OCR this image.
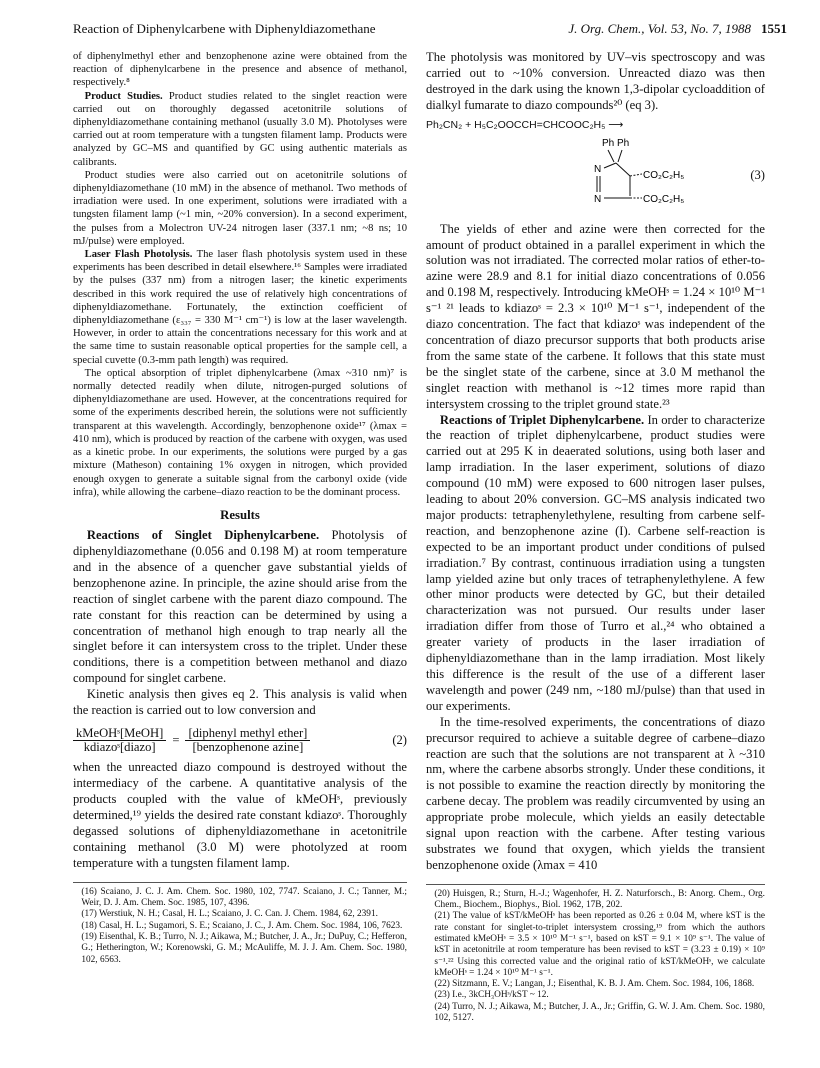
Reaction of Diphenylcarbene with Diphenyldiazomethane	J. Org. Chem., Vol. 53, No. 7, 1988 1551

of diphenylmethyl ether and benzophenone azine were obtained from the reaction of diphenylcarbene in the presence and absence of methanol, respectively.⁸

Product Studies. Product studies related to the singlet reaction were carried out on thoroughly degassed acetonitrile solutions of diphenyldiazomethane containing methanol (usually 3.0 M). Photolyses were carried out at room temperature with a tungsten filament lamp. Products were analyzed by GC–MS and quantified by GC using authentic materials as calibrants.

Product studies were also carried out on acetonitrile solutions of diphenyldiazomethane (10 mM) in the absence of methanol. Two methods of irradiation were used. In one experiment, solutions were irradiated with a tungsten filament lamp (~1 min, ~20% conversion). In a second experiment, the pulses from a Molectron UV-24 nitrogen laser (337.1 nm; ~8 ns; 10 mJ/pulse) were employed.

Laser Flash Photolysis. The laser flash photolysis system used in these experiments has been described in detail elsewhere.¹⁶ Samples were irradiated by the pulses (337 nm) from a nitrogen laser; the kinetic experiments described in this work required the use of relatively high concentrations of diphenyldiazomethane. Fortunately, the extinction coefficient of diphenyldiazomethane (ε₃₃₇ = 330 M⁻¹ cm⁻¹) is low at the laser wavelength. However, in order to attain the concentrations necessary for this work and at the same time to sustain reasonable optical properties for the sample cell, a special cuvette (0.3-mm path length) was required.

The optical absorption of triplet diphenylcarbene (λmax ~310 nm)⁷ is normally detected readily when dilute, nitrogen-purged solutions of diphenyldiazomethane are used. However, at the concentrations required for some of the experiments described herein, the solutions were not sufficiently transparent at this wavelength. Accordingly, benzophenone oxide¹⁷ (λmax = 410 nm), which is produced by reaction of the carbene with oxygen, was used as a kinetic probe. In our experiments, the solutions were purged by a gas mixture (Matheson) containing 1% oxygen in nitrogen, which provided enough oxygen to generate a suitable signal from the carbonyl oxide (vide infra), while allowing the carbene–diazo reaction to be the dominant process.

Results

Reactions of Singlet Diphenylcarbene. Photolysis of diphenyldiazomethane (0.056 and 0.198 M) at room temperature and in the absence of a quencher gave substantial yields of benzophenone azine. In principle, the azine should arise from the reaction of singlet carbene with the parent diazo compound. The rate constant for this reaction can be determined by using a concentration of methanol high enough to trap nearly all the singlet before it can intersystem cross to the triplet. Under these conditions, there is a competition between methanol and diazo compound for singlet carbene.

Kinetic analysis then gives eq 2. This analysis is valid when the reaction is carried out to low conversion and

$\frac{\text{kMeOHˢ[MeOH]}}{\text{kdiazoˢ[diazo]}} = \frac{\text{[diphenyl methyl ether]}}{\text{[benzophenone azine]}}$	(2)

when the unreacted diazo compound is destroyed without the intermediacy of the carbene. A quantitative analysis of the products coupled with the value of kMeOHˢ, previously determined,¹⁹ yields the desired rate constant kdiazoˢ. Thoroughly degassed solutions of diphenyldiazomethane in acetonitrile containing methanol (3.0 M) were photolyzed at room temperature with a tungsten filament lamp.

(16) Scaiano, J. C. J. Am. Chem. Soc. 1980, 102, 7747. Scaiano, J. C.; Tanner, M.; Weir, D. J. Am. Chem. Soc. 1985, 107, 4396.

(17) Werstiuk, N. H.; Casal, H. L.; Scaiano, J. C. Can. J. Chem. 1984, 62, 2391.

(18) Casal, H. L.; Sugamori, S. E.; Scaiano, J. C., J. Am. Chem. Soc. 1984, 106, 7623.

(19) Eisenthal, K. B.; Turro, N. J.; Aikawa, M.; Butcher, J. A., Jr.; DuPuy, C.; Hefferon, G.; Hetherington, W.; Korenowski, G. M.; McAuliffe, M. J. J. Am. Chem. Soc. 1980, 102, 6563.

The photolysis was monitored by UV–vis spectroscopy and was carried out to ~10% conversion. Unreacted diazo was then destroyed in the dark using the known 1,3-dipolar cycloaddition of dialkyl fumarate to diazo compounds²⁰ (eq 3).

Ph₂CN₂ + H₅C₂OOCCH=CHCOOC₂H₅ ⟶
Ph Ph
N
N
CO₂C₂H₅
CO₂C₂H₅
(3)

The yields of ether and azine were then corrected for the amount of product obtained in a parallel experiment in which the solution was not irradiated. The corrected molar ratios of ether-to-azine were 28.9 and 8.1 for initial diazo concentrations of 0.056 and 0.198 M, respectively. Introducing kMeOHˢ = 1.24 × 10¹⁰ M⁻¹ s⁻¹ ²¹ leads to kdiazoˢ = 2.3 × 10¹⁰ M⁻¹ s⁻¹, independent of the diazo concentration. The fact that kdiazoˢ was independent of the concentration of diazo precursor supports that both products arise from the same state of the carbene. It follows that this state must be the singlet state of the carbene, since at 3.0 M methanol the singlet reaction with methanol is ~12 times more rapid than intersystem crossing to the triplet ground state.²³

Reactions of Triplet Diphenylcarbene. In order to characterize the reaction of triplet diphenylcarbene, product studies were carried out at 295 K in deaerated solutions, using both laser and lamp irradiation. In the laser experiment, solutions of diazo compound (10 mM) were exposed to 600 nitrogen laser pulses, leading to about 20% conversion. GC–MS analysis indicated two major products: tetraphenylethylene, resulting from carbene self-reaction, and benzophenone azine (I). Carbene self-reaction is expected to be an important product under conditions of pulsed irradiation.⁷ By contrast, continuous irradiation using a tungsten lamp yielded azine but only traces of tetraphenylethylene. A few other minor products were detected by GC, but their detailed characterization was not pursued. Our results under laser irradiation differ from those of Turro et al.,²⁴ who obtained a greater variety of products in the laser irradiation of diphenyldiazomethane than in the lamp irradiation. Most likely this difference is the result of the use of a different laser wavelength and power (249 nm, ~180 mJ/pulse) than that used in our experiments.

In the time-resolved experiments, the concentrations of diazo precursor required to achieve a suitable degree of carbene–diazo reaction are such that the solutions are not transparent at λ ~310 nm, where the carbene absorbs strongly. Under these conditions, it is not possible to examine the reaction directly by monitoring the carbene decay. The problem was readily circumvented by using an appropriate probe molecule, which yields an easily detectable signal upon reaction with the carbene. After testing various substrates we found that oxygen, which yields the transient benzophenone oxide (λmax = 410

(20) Huisgen, R.; Sturn, H.-J.; Wagenhofer, H. Z. Naturforsch., B: Anorg. Chem., Org. Chem., Biochem., Biophys., Biol. 1962, 17B, 202.

(21) The value of kST/kMeOHˢ has been reported as 0.26 ± 0.04 M, where kST is the rate constant for singlet-to-triplet intersystem crossing,¹⁹ from which the authors estimated kMeOHˢ = 3.5 × 10¹⁰ M⁻¹ s⁻¹, based on kST = 9.1 × 10⁹ s⁻¹. The value of kST in acetonitrile at room temperature has been revised to kST = (3.23 ± 0.19) × 10⁹ s⁻¹.²² Using this corrected value and the original ratio of kST/kMeOHˢ, we calculate kMeOHˢ = 1.24 × 10¹⁰ M⁻¹ s⁻¹.

(22) Sitzmann, E. V.; Langan, J.; Eisenthal, K. B. J. Am. Chem. Soc. 1984, 106, 1868.

(23) I.e., 3kCH₃OHˢ/kST ~ 12.

(24) Turro, N. J.; Aikawa, M.; Butcher, J. A., Jr.; Griffin, G. W. J. Am. Chem. Soc. 1980, 102, 5127.
